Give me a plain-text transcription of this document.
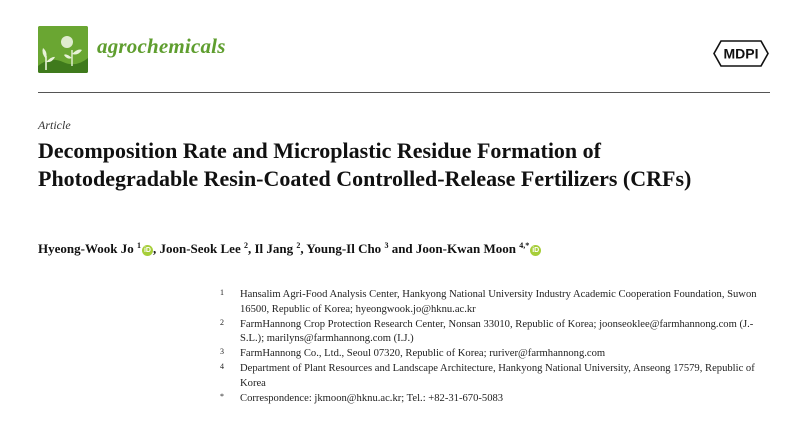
agrochemicals	MDPI
Article
Decomposition Rate and Microplastic Residue Formation of Photodegradable Resin-Coated Controlled-Release Fertilizers (CRFs)
Hyeong-Wook Jo $^1$iD , Joon-Seok Lee $^2$, Il Jang $^2$, Young-Il Cho $^3$ and Joon-Kwan Moon $^{4,*}$iD
1 Hansalim Agri-Food Analysis Center, Hankyong National University Industry Academic Cooperation Foundation, Suwon 16500, Republic of Korea; hyeongwook.jo@hknu.ac.kr
2 FarmHannong Crop Protection Research Center, Nonsan 33010, Republic of Korea; joonseoklee@farmhannong.com (J.-S.L.); marilyns@farmhannong.com (I.J.)
3 FarmHannong Co., Ltd., Seoul 07320, Republic of Korea; ruriver@farmhannong.com
4 Department of Plant Resources and Landscape Architecture, Hankyong National University, Anseong 17579, Republic of Korea
* Correspondence: jkmoon@hknu.ac.kr; Tel.: +82-31-670-5083
